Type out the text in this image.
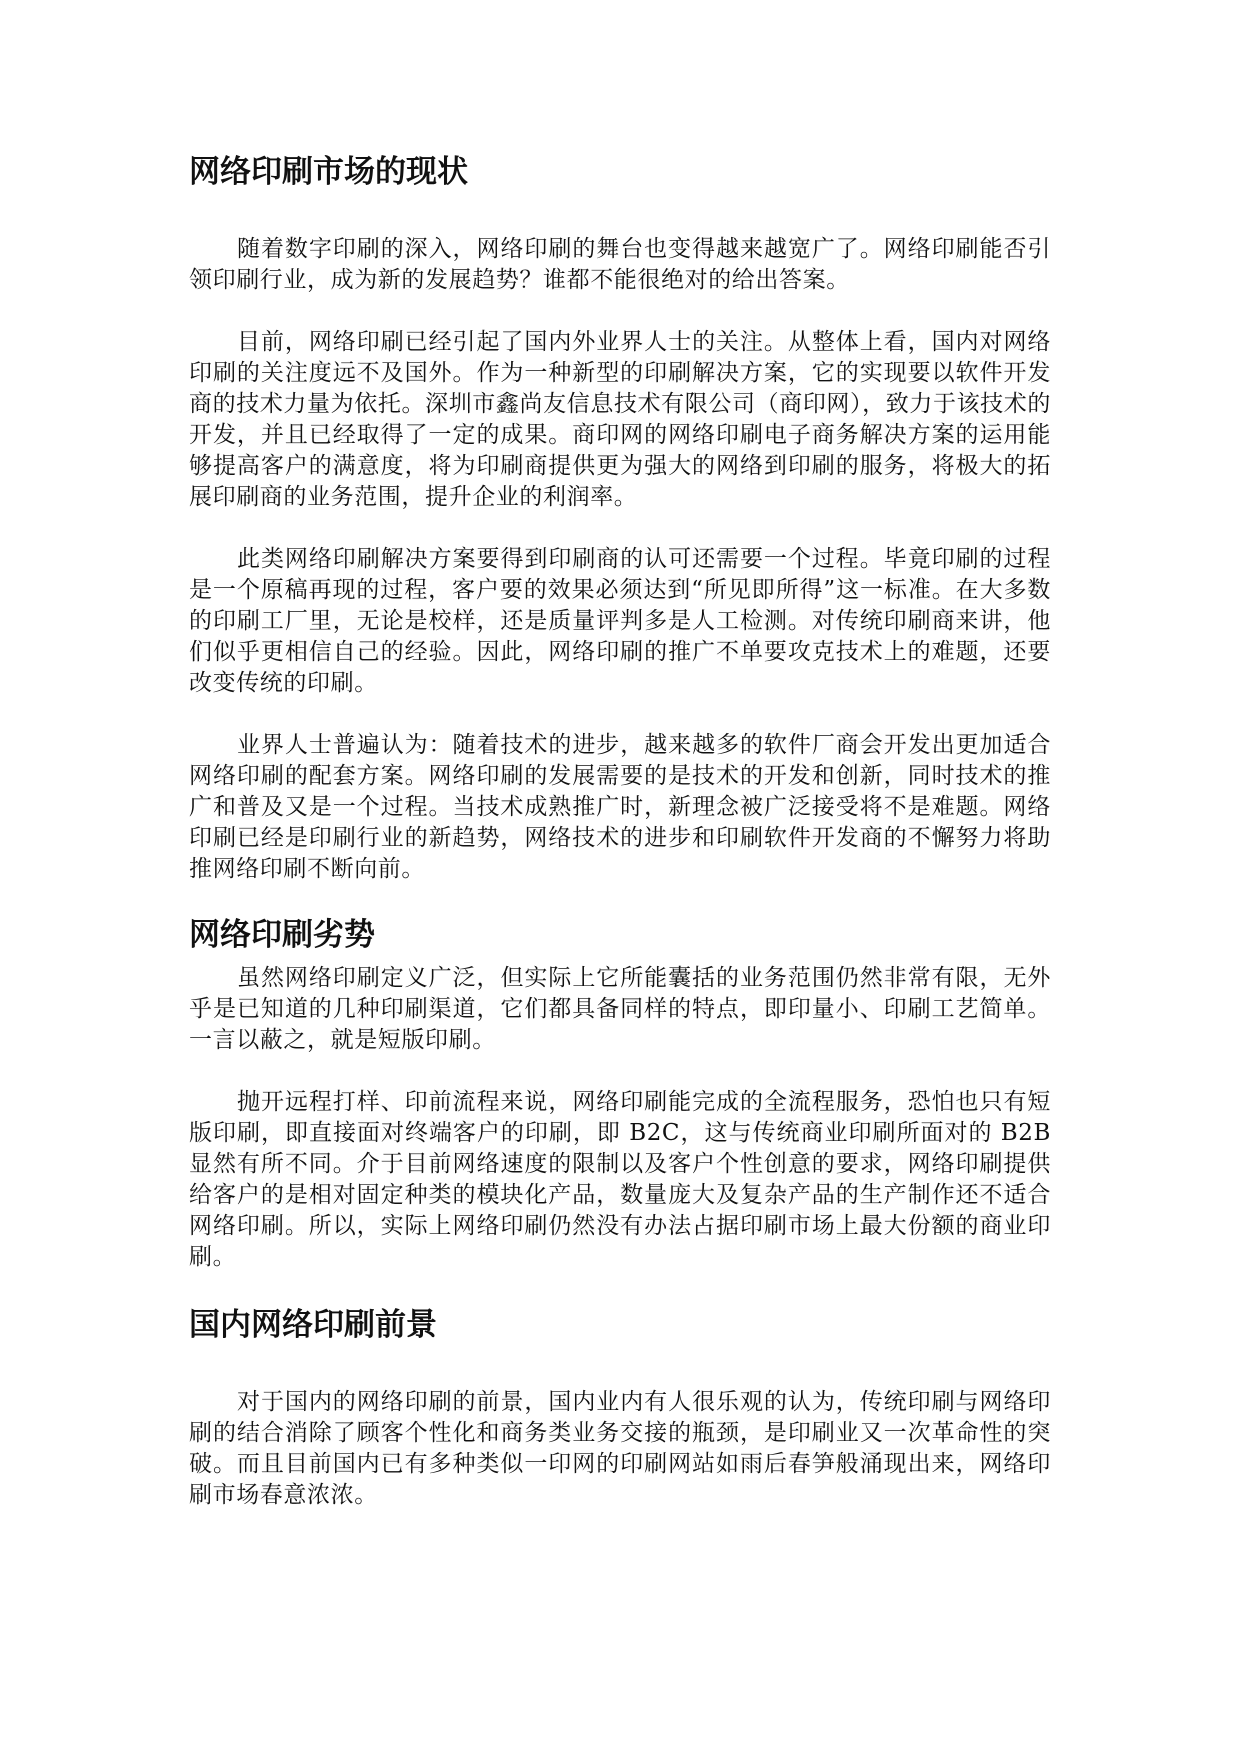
网络印刷市场的现状

随着数字印刷的深入，网络印刷的舞台也变得越来越宽广了。网络印刷能否引领印刷行业，成为新的发展趋势？谁都不能很绝对的给出答案。

目前，网络印刷已经引起了国内外业界人士的关注。从整体上看，国内对网络印刷的关注度远不及国外。作为一种新型的印刷解决方案，它的实现要以软件开发商的技术力量为依托。深圳市鑫尚友信息技术有限公司（商印网），致力于该技术的开发，并且已经取得了一定的成果。商印网的网络印刷电子商务解决方案的运用能够提高客户的满意度，将为印刷商提供更为强大的网络到印刷的服务，将极大的拓展印刷商的业务范围，提升企业的利润率。

此类网络印刷解决方案要得到印刷商的认可还需要一个过程。毕竟印刷的过程是一个原稿再现的过程，客户要的效果必须达到“所见即所得”这一标准。在大多数的印刷工厂里，无论是校样，还是质量评判多是人工检测。对传统印刷商来讲，他们似乎更相信自己的经验。因此，网络印刷的推广不单要攻克技术上的难题，还要改变传统的印刷。

业界人士普遍认为：随着技术的进步，越来越多的软件厂商会开发出更加适合网络印刷的配套方案。网络印刷的发展需要的是技术的开发和创新，同时技术的推广和普及又是一个过程。当技术成熟推广时，新理念被广泛接受将不是难题。网络印刷已经是印刷行业的新趋势，网络技术的进步和印刷软件开发商的不懈努力将助推网络印刷不断向前。

网络印刷劣势

虽然网络印刷定义广泛，但实际上它所能囊括的业务范围仍然非常有限，无外乎是已知道的几种印刷渠道，它们都具备同样的特点，即印量小、印刷工艺简单。一言以蔽之，就是短版印刷。

抛开远程打样、印前流程来说，网络印刷能完成的全流程服务，恐怕也只有短版印刷，即直接面对终端客户的印刷，即 B2C，这与传统商业印刷所面对的 B2B 显然有所不同。介于目前网络速度的限制以及客户个性创意的要求，网络印刷提供给客户的是相对固定种类的模块化产品，数量庞大及复杂产品的生产制作还不适合网络印刷。所以，实际上网络印刷仍然没有办法占据印刷市场上最大份额的商业印刷。

国内网络印刷前景

对于国内的网络印刷的前景，国内业内有人很乐观的认为，传统印刷与网络印刷的结合消除了顾客个性化和商务类业务交接的瓶颈，是印刷业又一次革命性的突破。而且目前国内已有多种类似一印网的印刷网站如雨后春笋般涌现出来，网络印刷市场春意浓浓。
